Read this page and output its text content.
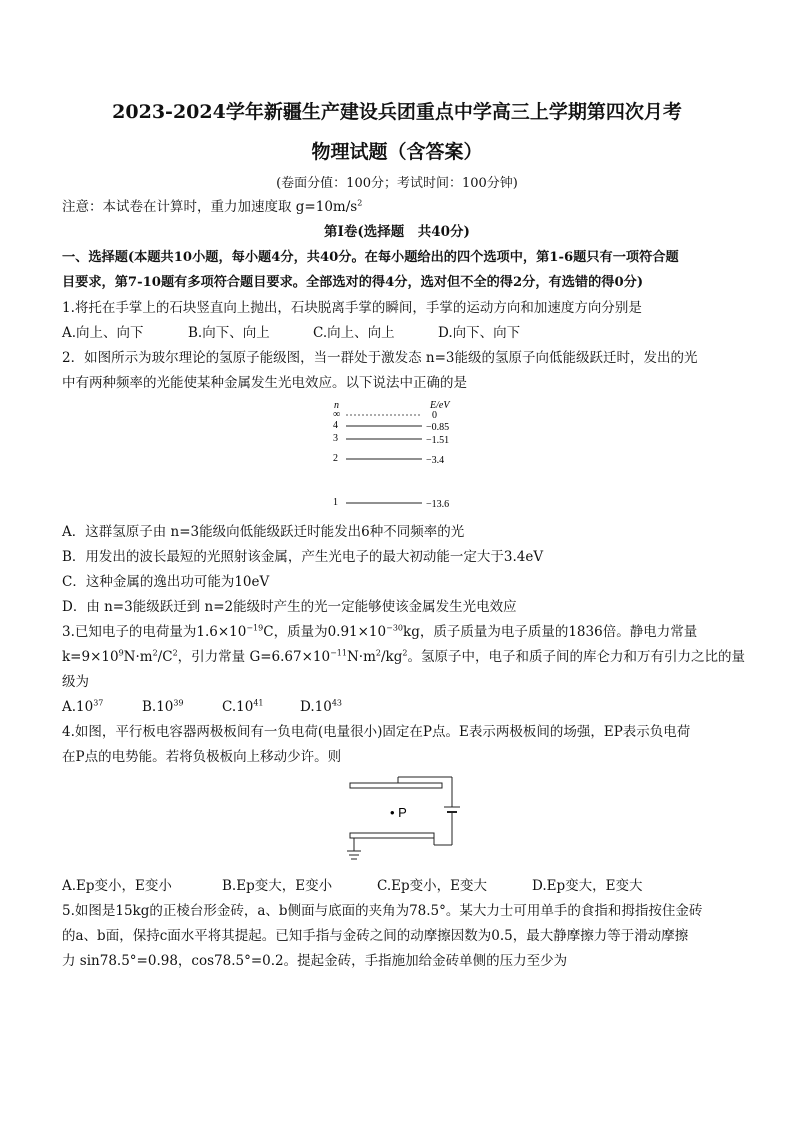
2023-2024学年新疆生产建设兵团重点中学高三上学期第四次月考
物理试题（含答案）
(卷面分值：100分；考试时间：100分钟)
注意：本试卷在计算时，重力加速度取 $g=10m/s^2$
第Ⅰ卷(选择题　共40分)
一、选择题(本题共10小题，每小题4分，共40分。在每小题给出的四个选项中，第1-6题只有一项符合题
目要求，第7-10题有多项符合题目要求。全部选对的得4分，选对但不全的得2分，有选错的得0分)
1.将托在手掌上的石块竖直向上抛出，石块脱离手掌的瞬间，手掌的运动方向和加速度方向分别是
A.向上、向下	B.向下、向上	C.向上、向上	D.向下、向下
2．如图所示为玻尔理论的氢原子能级图，当一群处于激发态 n=3能级的氢原子向低能级跃迁时，发出的光
中有两种频率的光能使某种金属发生光电效应。以下说法中正确的是
n	E/eV
∞	0
4	−0.85
3	−1.51
2	−3.4
1	−13.6
A．这群氢原子由 n=3能级向低能级跃迁时能发出6种不同频率的光
B．用发出的波长最短的光照射该金属，产生光电子的最大初动能一定大于3.4eV
C．这种金属的逸出功可能为10eV
D．由 n=3能级跃迁到 n=2能级时产生的光一定能够使该金属发生光电效应
3.已知电子的电荷量为$1.6\times 10^{-19}C$，质量为$0.91\times 10^{-30}kg$，质子质量为电子质量的1836倍。静电力常量
$k=9\times 10^9N\cdot m^2/C^2$，引力常量 $G=6.67\times 10^{-11}N\cdot m^2/kg^2$。氢原子中，电子和质子间的库仑力和万有引力之比的量
级为
$A.10^{37}$	$B.10^{39}$	$C.10^{41}$	$D.10^{43}$
4.如图，平行板电容器两极板间有一负电荷(电量很小)固定在P点。E表示两极板间的场强，EP表示负电荷
在P点的电势能。若将负极板向上移动少许。则
• P
A.Ep变小，E变小	B.Ep变大，E变小	C.Ep变小，E变大	D.Ep变大，E变大
5.如图是15kg的正棱台形金砖，a、b侧面与底面的夹角为78.5°。某大力士可用单手的食指和拇指按住金砖
的a、b面，保持c面水平将其提起。已知手指与金砖之间的动摩擦因数为0.5，最大静摩擦力等于滑动摩擦
力 sin78.5°=0.98，cos78.5°=0.2。提起金砖，手指施加给金砖单侧的压力至少为
